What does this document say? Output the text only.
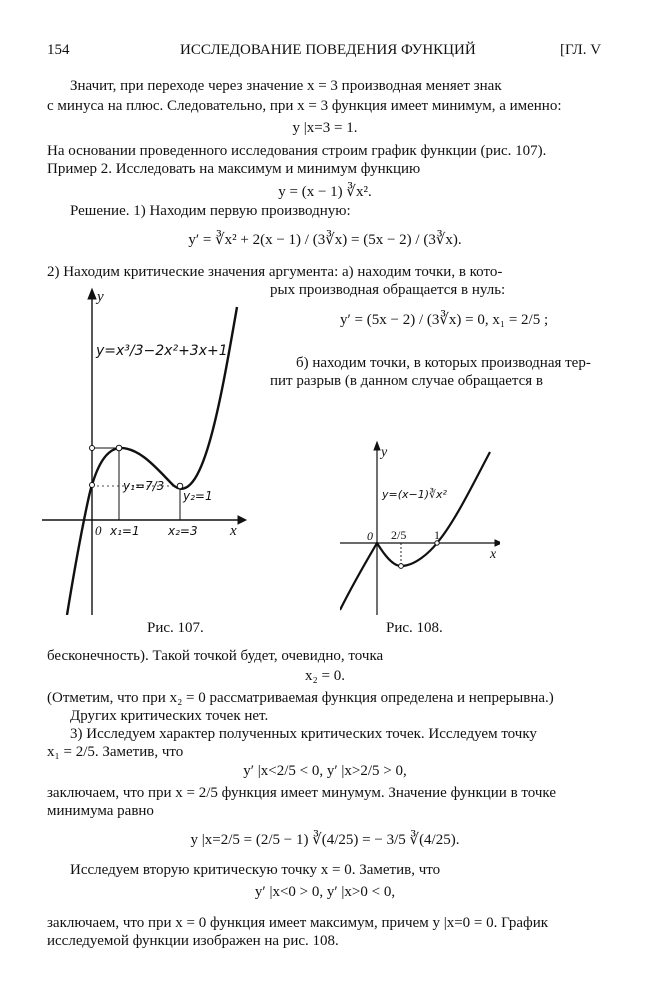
154	ИССЛЕДОВАНИЕ ПОВЕДЕНИЯ ФУНКЦИЙ	[ГЛ. V
Значит, при переходе через значение x = 3 производная меняет знак
с минуса на плюс. Следовательно, при x = 3 функция имеет минимум, а именно:
y |x=3 = 1.
На основании проведенного исследования строим график функции (рис. 107).
Пример 2. Исследовать на максимум и минимум функцию
y = (x − 1) ∛x².
Решение. 1) Находим первую производную:
y′ = ∛x² + 2(x − 1) / (3∛x) = (5x − 2) / (3∛x).
2) Находим критические значения аргумента: а) находим точки, в кото-
рых производная обращается в нуль:
y′ = (5x − 2) / (3∛x) = 0, x₁ = 2/5 ;
б) находим точки, в которых производная тер-
пит разрыв (в данном случае обращается в
y
x
0
y=x³/3−2x²+3x+1
x₁=1 x₂=3
y₁=7/3
y₂=1
y
x
0
y=(x−1)∛x²
2/5 1
Рис. 107.	Рис. 108.
бесконечность). Такой точкой будет, очевидно, точка
x₂ = 0.
(Отметим, что при x₂ = 0 рассматриваемая функция определена и непрерывна.)
Других критических точек нет.
3) Исследуем характер полученных критических точек. Исследуем точку
x₁ = 2/5. Заметив, что
y′ |x<2/5 < 0, y′ |x>2/5 > 0,
заключаем, что при x = 2/5 функция имеет минумум. Значение функции в точке
минимума равно
y |x=2/5 = (2/5 − 1) ∛(4/25) = − 3/5 ∛(4/25).
Исследуем вторую критическую точку x = 0. Заметив, что
y′ |x<0 > 0, y′ |x>0 < 0,
заключаем, что при x = 0 функция имеет максимум, причем y |x=0 = 0. График
исследуемой функции изображен на рис. 108.
